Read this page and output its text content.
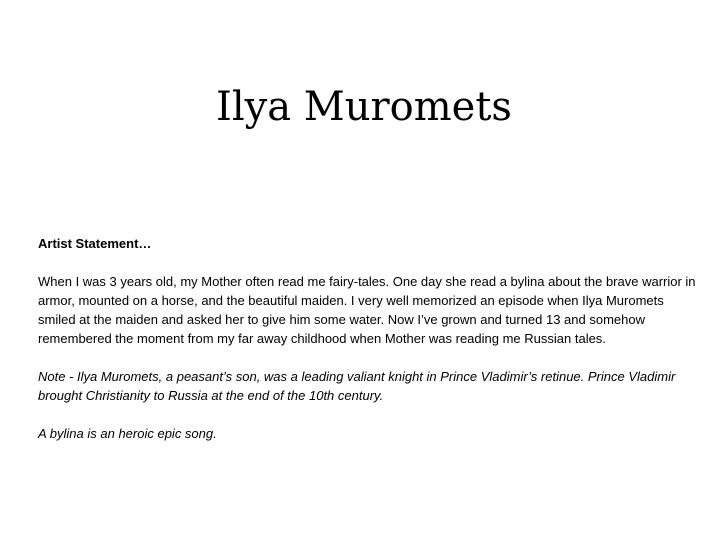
Ilya Muromets

Artist Statement…

When I was 3 years old, my Mother often read me fairy-tales. One day she read a bylina about the brave warrior in armor, mounted on a horse, and the beautiful maiden. I very well memorized an episode when Ilya Muromets smiled at the maiden and asked her to give him some water. Now I’ve grown and turned 13 and somehow remembered the moment from my far away childhood when Mother was reading me Russian tales.

Note - Ilya Muromets, a peasant’s son, was a leading valiant knight in Prince Vladimir’s retinue. Prince Vladimir brought Christianity to Russia at the end of the 10th century.

A bylina is an heroic epic song.
